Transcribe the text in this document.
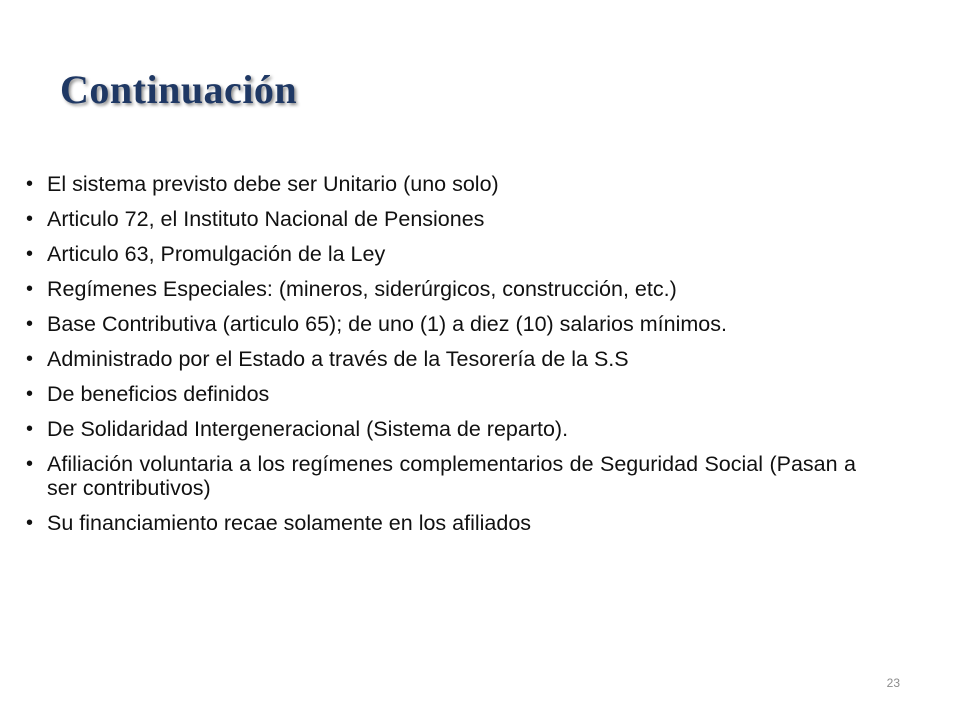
Continuación
• El sistema previsto debe ser Unitario (uno solo)
• Articulo 72, el Instituto Nacional de Pensiones
• Articulo 63, Promulgación de la Ley
• Regímenes Especiales: (mineros, siderúrgicos, construcción, etc.)
• Base Contributiva (articulo 65); de uno (1) a diez (10) salarios mínimos.
• Administrado por el Estado a través de la Tesorería de la S.S
• De beneficios definidos
• De Solidaridad Intergeneracional (Sistema de reparto).
• Afiliación voluntaria a los regímenes complementarios de Seguridad Social (Pasan a ser contributivos)
• Su financiamiento recae solamente en los afiliados
23
